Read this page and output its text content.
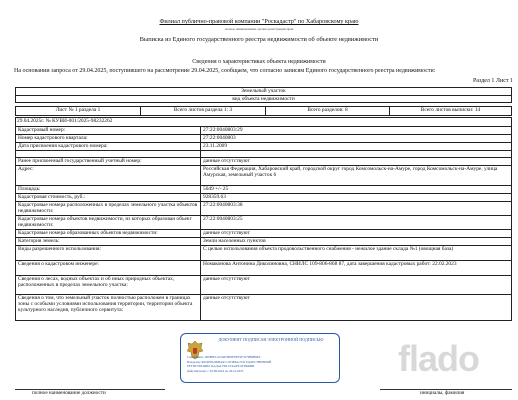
Филиал публично-правовой компании "Роскадастр" по Хабаровскому краю
полное наименование органа регистрации прав
Выписка из Единого государственного реестра недвижимости об объекте недвижимости
Сведения о характеристиках объекта недвижимости
На основании запроса от 29.04.2025, поступившего на рассмотрение 29.04.2025, сообщаем, что согласно записям Единого государственного реестра недвижимости:
Раздел 1 Лист 1
Земельный участок
вид объекта недвижимости
Лист № 1 раздела 1	Всего листов раздела 1: 3	Всего разделов: 8	Всего листов выписки: 14
29.04.2025г. № КУВИ-001/2025-98232262
Кадастровый номер:	27:22:0040803:29
Номер кадастрового квартала:	27:22:0040803
Дата присвоения кадастрового номера:	23.11.2009
Ранее присвоенный государственный учетный номер:	данные отсутствуют
Адрес:	Российская Федерация, Хабаровский край, городской округ город Комсомольск-на-Амуре, город Комсомольск-на-Амуре, улица Амурская, земельный участок 6
Площадь:	5049 +/- 25
Кадастровая стоимость, руб.:	928359.63
Кадастровые номера расположенных в пределах земельного участка объектов недвижимости:
27:22:0040803:38
Кадастровые номера объектов недвижимости, из которых образован объект недвижимости:
27:22:0040803:25
Кадастровые номера образованных объектов недвижимости:	данные отсутствуют
Категория земель:	Земли населенных пунктов
Виды разрешенного использования:	С целью использования объекта продовольственного снабжения - нежилое здание склада №1 (овощная база)
Сведения о кадастровом инженере:	Номаконова Антонина Диколиновна, СНИЛС 109-806-868 87, дата завершения кадастровых работ: 22.02.2023
Сведения о лесах, водных объектах и об иных природных объектах, расположенных в пределах земельного участка:
данные отсутствуют
Сведения о том, что земельный участок полностью расположен в границах зоны с особыми условиями использования территории, территории объекта культурного наследия, публичного сервитута:
данные отсутствуют
полное наименование должности	инициалы, фамилия
flado
ДОКУМЕНТ ПОДПИСАН ЭЛЕКТРОННОЙ ПОДПИСЬЮ
Сертификат: 00088ECA534E3800F8EF2E3279B6B8E9
Владелец: ФЕДЕРАЛЬНАЯ СЛУЖБА ГОСУДАРСТВЕННОЙ
РЕГИСТРАЦИИ, КАДАСТРА И КАРТОГРАФИИ
Действителен: с 02.08.2024 по 26.10.2025
